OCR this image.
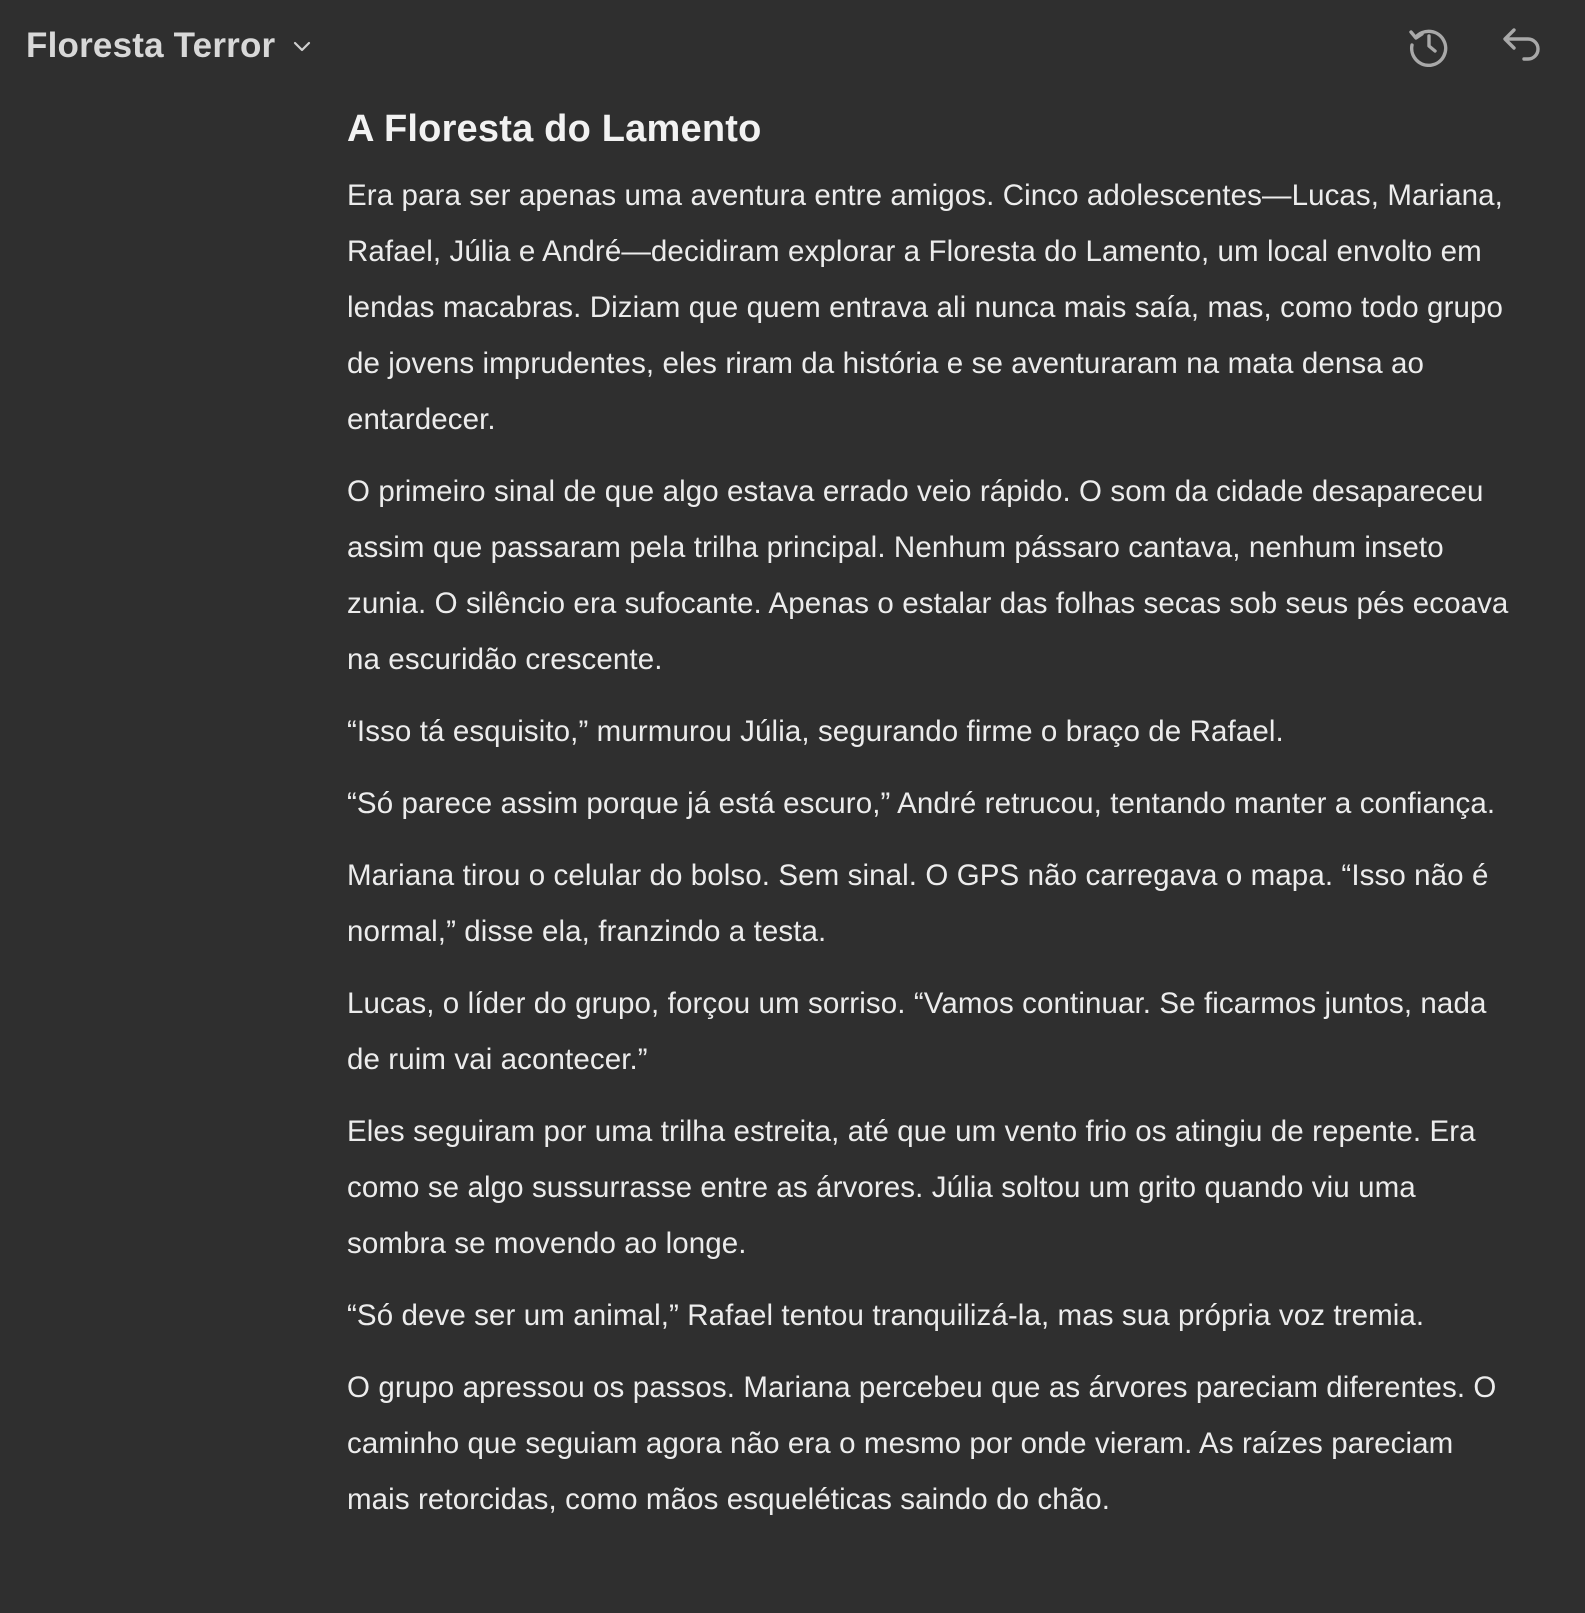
Floresta Terror
A Floresta do Lamento

Era para ser apenas uma aventura entre amigos. Cinco adolescentes—Lucas, Mariana, Rafael, Júlia e André—decidiram explorar a Floresta do Lamento, um local envolto em lendas macabras. Diziam que quem entrava ali nunca mais saía, mas, como todo grupo de jovens imprudentes, eles riram da história e se aventuraram na mata densa ao entardecer.

O primeiro sinal de que algo estava errado veio rápido. O som da cidade desapareceu assim que passaram pela trilha principal. Nenhum pássaro cantava, nenhum inseto zunia. O silêncio era sufocante. Apenas o estalar das folhas secas sob seus pés ecoava na escuridão crescente.

“Isso tá esquisito,” murmurou Júlia, segurando firme o braço de Rafael.

“Só parece assim porque já está escuro,” André retrucou, tentando manter a confiança.

Mariana tirou o celular do bolso. Sem sinal. O GPS não carregava o mapa. “Isso não é normal,” disse ela, franzindo a testa.

Lucas, o líder do grupo, forçou um sorriso. “Vamos continuar. Se ficarmos juntos, nada de ruim vai acontecer.”

Eles seguiram por uma trilha estreita, até que um vento frio os atingiu de repente. Era como se algo sussurrasse entre as árvores. Júlia soltou um grito quando viu uma sombra se movendo ao longe.

“Só deve ser um animal,” Rafael tentou tranquilizá-la, mas sua própria voz tremia.

O grupo apressou os passos. Mariana percebeu que as árvores pareciam diferentes. O caminho que seguiam agora não era o mesmo por onde vieram. As raízes pareciam mais retorcidas, como mãos esqueléticas saindo do chão.
